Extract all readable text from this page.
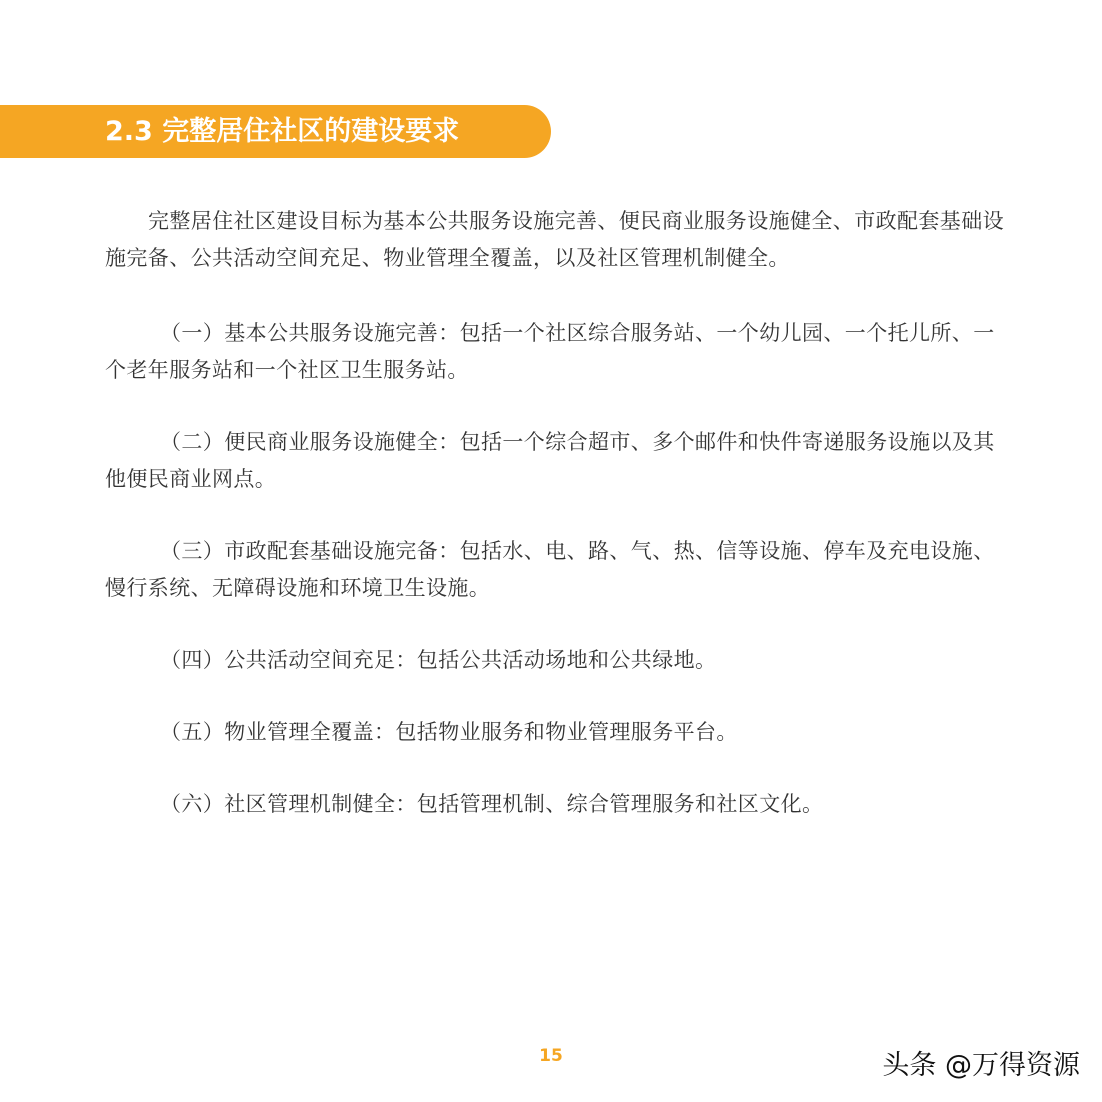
2.3 完整居住社区的建设要求

完整居住社区建设目标为基本公共服务设施完善、便民商业服务设施健全、市政配套基础设施完备、公共活动空间充足、物业管理全覆盖，以及社区管理机制健全。

（一）基本公共服务设施完善：包括一个社区综合服务站、一个幼儿园、一个托儿所、一个老年服务站和一个社区卫生服务站。

（二）便民商业服务设施健全：包括一个综合超市、多个邮件和快件寄递服务设施以及其他便民商业网点。

（三）市政配套基础设施完备：包括水、电、路、气、热、信等设施、停车及充电设施、慢行系统、无障碍设施和环境卫生设施。

（四）公共活动空间充足：包括公共活动场地和公共绿地。

（五）物业管理全覆盖：包括物业服务和物业管理服务平台。

（六）社区管理机制健全：包括管理机制、综合管理服务和社区文化。

15	头条 @万得资源
